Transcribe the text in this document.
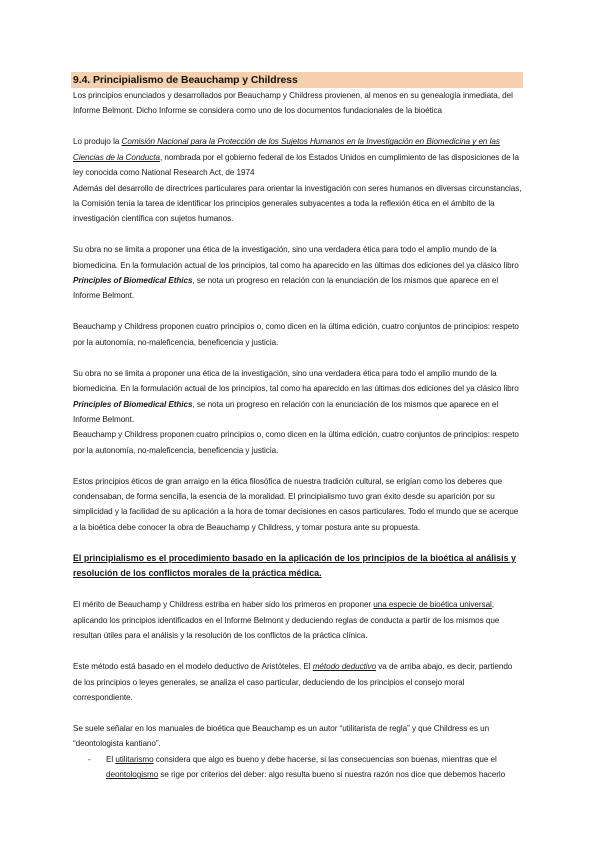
9.4. Principialismo de Beauchamp y Childress

Los principios enunciados y desarrollados por Beauchamp y Childress provienen, al menos en su genealogía inmediata, del Informe Belmont. Dicho Informe se considera como uno de los documentos fundacionales de la bioética

Lo produjo la Comisión Nacional para la Protección de los Sujetos Humanos en la Investigación en Biomedicina y en las Ciencias de la Conducta, nombrada por el gobierno federal de los Estados Unidos en cumplimiento de las disposiciones de la ley conocida como National Research Act, de 1974

Además del desarrollo de directrices particulares para orientar la investigación con seres humanos en diversas circunstancias, la Comisión tenía la tarea de identificar los principios generales subyacentes a toda la reflexión ética en el ámbito de la investigación científica con sujetos humanos.

Su obra no se limita a proponer una ética de la investigación, sino una verdadera ética para todo el amplio mundo de la biomedicina. En la formulación actual de los principios, tal como ha aparecido en las últimas dos ediciones del ya clásico libro Principles of Biomedical Ethics, se nota un progreso en relación con la enunciación de los mismos que aparece en el Informe Belmont.

Beauchamp y Childress proponen cuatro principios o, como dicen en la última edición, cuatro conjuntos de principios: respeto por la autonomía, no-maleficencia, beneficencia y justicia.

Su obra no se limita a proponer una ética de la investigación, sino una verdadera ética para todo el amplio mundo de la biomedicina. En la formulación actual de los principios, tal como ha aparecido en las últimas dos ediciones del ya clásico libro Principles of Biomedical Ethics, se nota un progreso en relación con la enunciación de los mismos que aparece en el Informe Belmont.

Beauchamp y Childress proponen cuatro principios o, como dicen en la última edición, cuatro conjuntos de principios: respeto por la autonomía, no-maleficencia, beneficencia y justicia.

Estos principios éticos de gran arraigo en la ética filosófica de nuestra tradición cultural, se erigían como los deberes que condensaban, de forma sencilla, la esencia de la moralidad. El principialismo tuvo gran éxito desde su aparición por su simplicidad y la facilidad de su aplicación a la hora de tomar decisiones en casos particulares. Todo el mundo que se acerque a la bioética debe conocer la obra de Beauchamp y Childress, y tomar postura ante su propuesta.

El principialismo es el procedimiento basado en la aplicación de los principios de la bioética al análisis y resolución de los conflictos morales de la práctica médica.

El mérito de Beauchamp y Childress estriba en haber sido los primeros en proponer una especie de bioética universal, aplicando los principios identificados en el Informe Belmont y deduciendo reglas de conducta a partir de los mismos que resultan útiles para el análisis y la resolución de los conflictos de la práctica clínica.

Este método está basado en el modelo deductivo de Aristóteles. El método deductivo va de arriba abajo, es decir, partiendo de los principios o leyes generales, se analiza el caso particular, deduciendo de los principios el consejo moral correspondiente.

Se suele señalar en los manuales de bioética que Beauchamp es un autor “utilitarista de regla” y que Childress es un “deontologista kantiano”.

- El utilitarismo considera que algo es bueno y debe hacerse, si las consecuencias son buenas, mientras que el deontologismo se rige por criterios del deber: algo resulta bueno si nuestra razón nos dice que debemos hacerlo
